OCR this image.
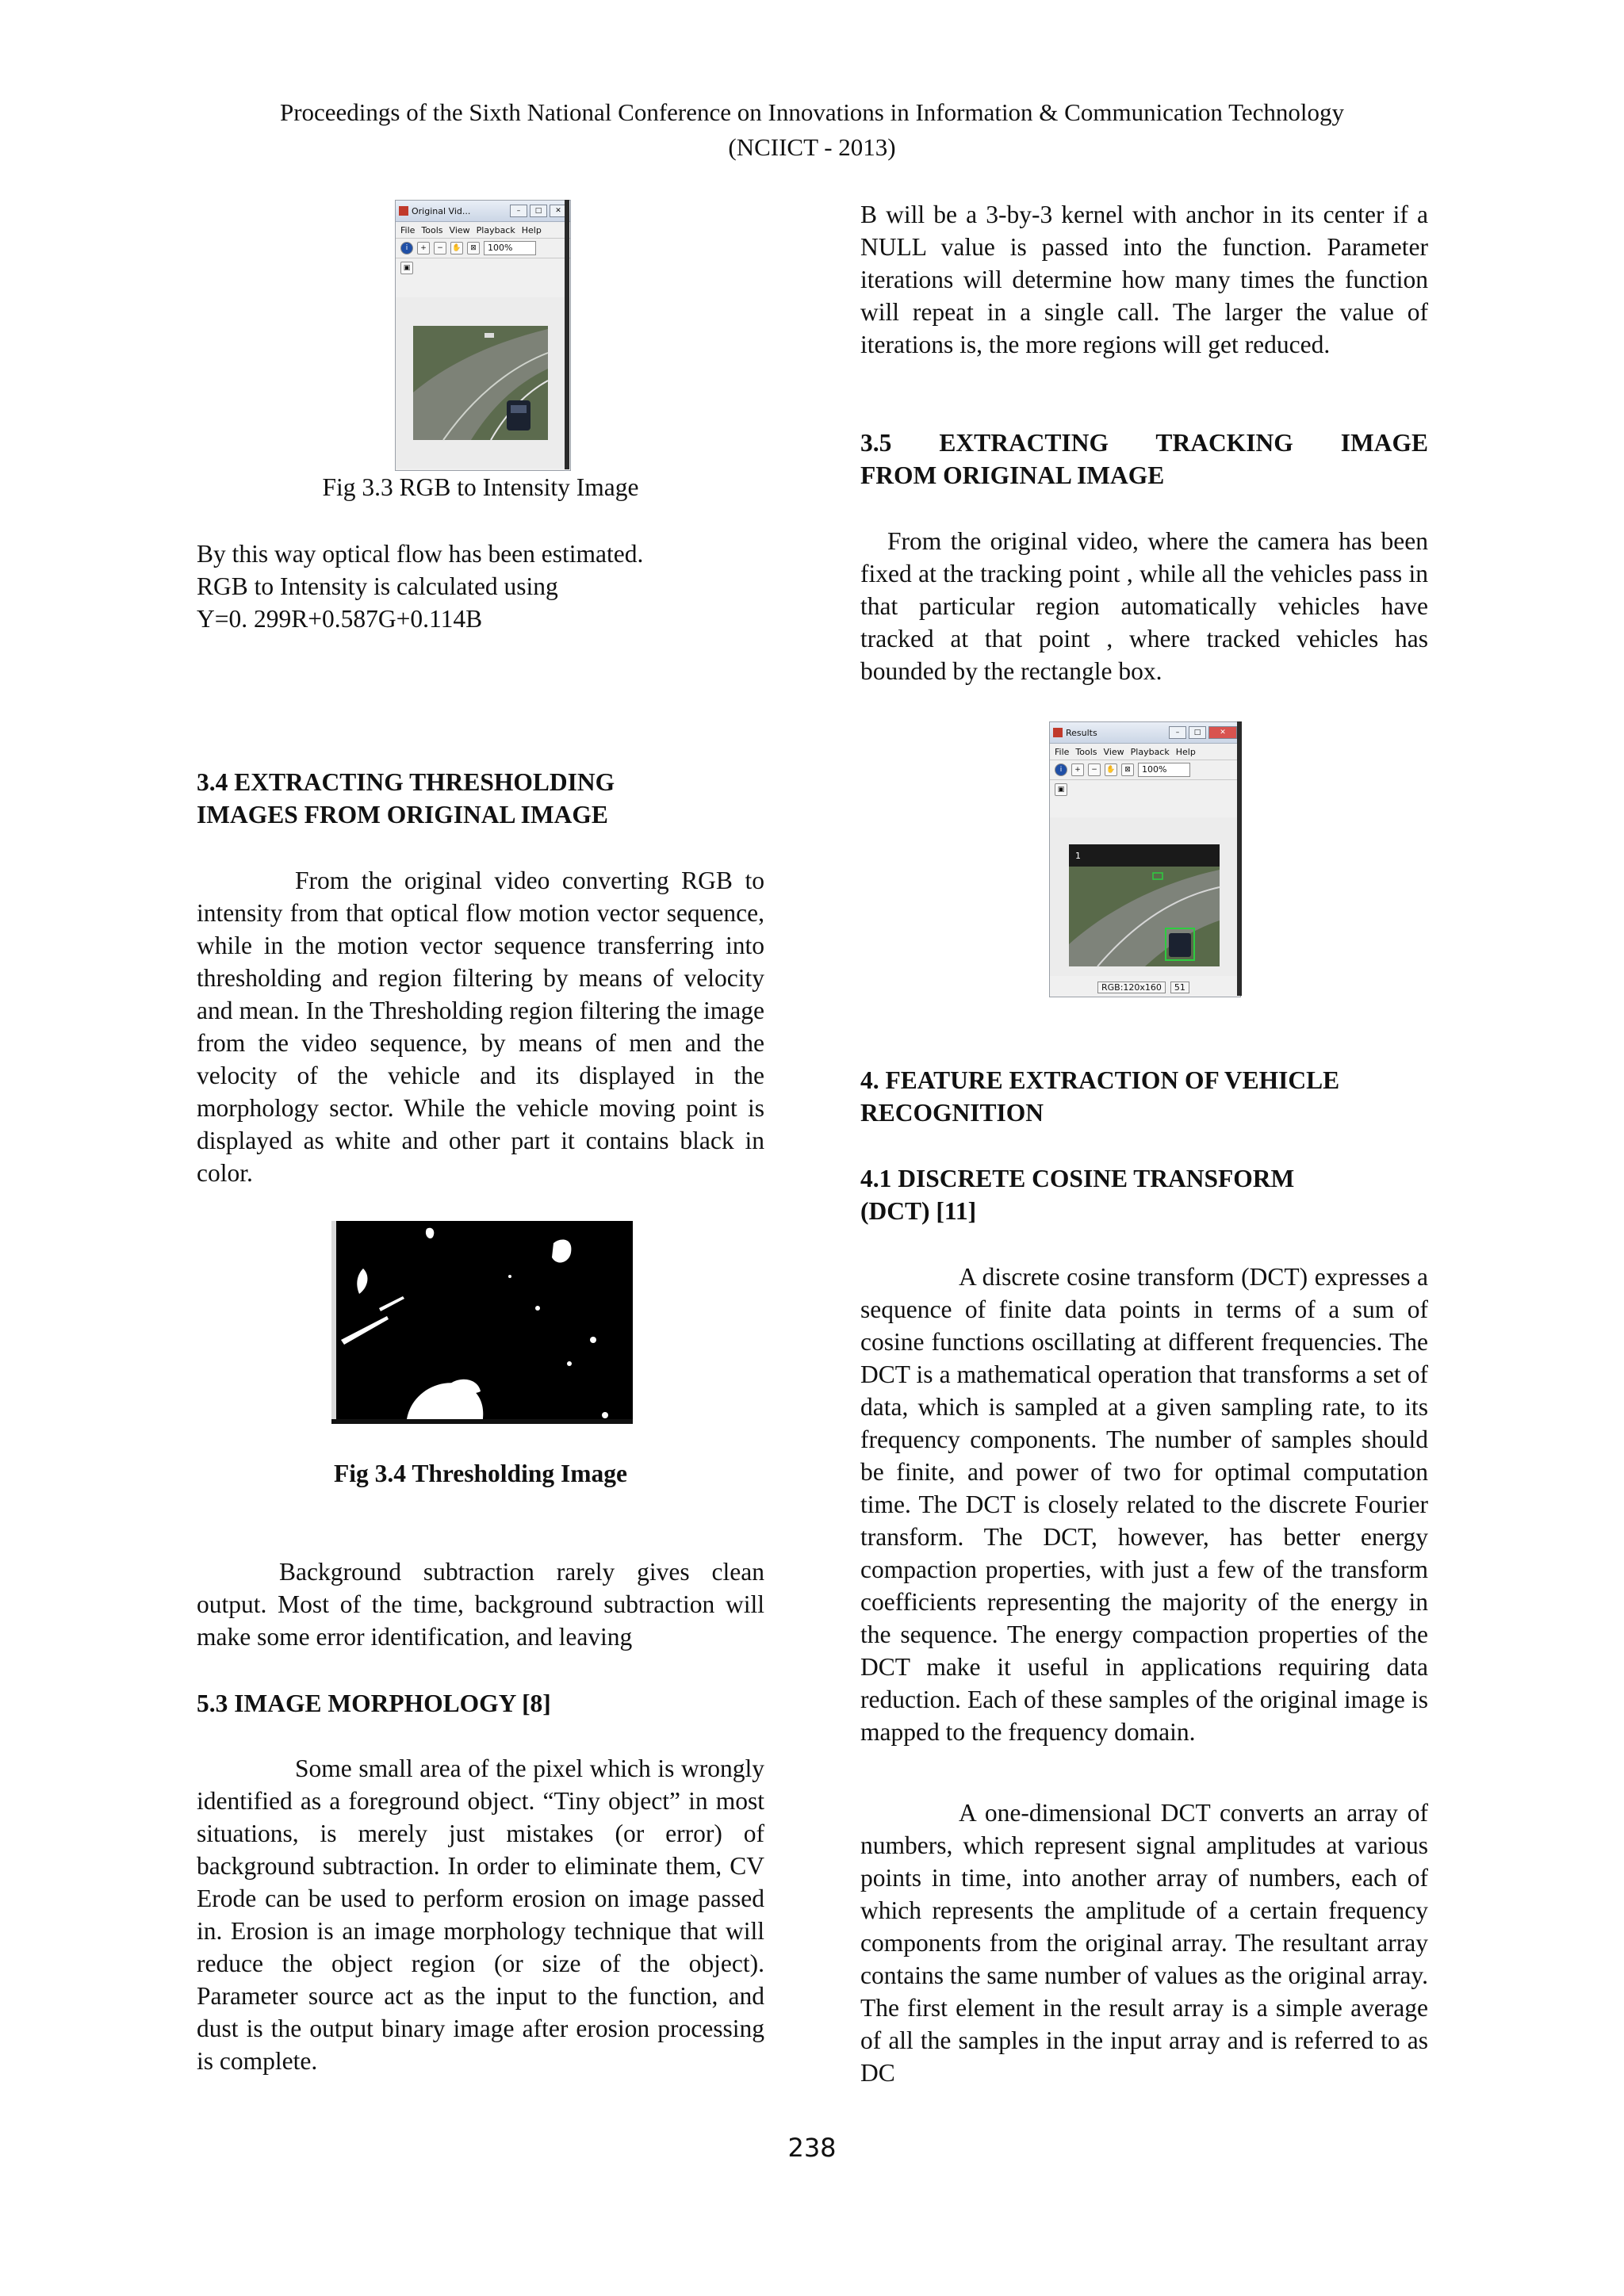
Proceedings of the Sixth National Conference on Innovations in Information & Communication Technology
(NCIICT - 2013)
Original Vid...	–	□	✕
File Tools View Playback Help
i	+	−	✋	⊠	100%
▣
Fig 3.3 RGB to Intensity Image
By this way optical flow has been estimated.
RGB to Intensity is calculated using
Y=0. 299R+0.587G+0.114B
3.4 EXTRACTING THRESHOLDING
IMAGES FROM ORIGINAL IMAGE

From the original video converting RGB to intensity from that optical flow motion vector sequence, while in the motion vector sequence transferring into thresholding and region filtering by means of velocity and mean. In the Thresholding region filtering the image from the video sequence, by means of men and the velocity of the vehicle and its displayed in the morphology sector. While the vehicle moving point is displayed as white and other part it contains black in color.

Fig 3.4 Thresholding Image

Background subtraction rarely gives clean output. Most of the time, background subtraction will make some error identification, and leaving

5.3 IMAGE MORPHOLOGY [8]

Some small area of the pixel which is wrongly identified as a foreground object. “Tiny object” in most situations, is merely just mistakes (or error) of background subtraction. In order to eliminate them, CV Erode can be used to perform erosion on image passed in. Erosion is an image morphology technique that will reduce the object region (or size of the object). Parameter source act as the input to the function, and dust is the output binary image after erosion processing is complete.

B will be a 3-by-3 kernel with anchor in its center if a NULL value is passed into the function. Parameter iterations will determine how many times the function will repeat in a single call. The larger the value of iterations is, the more regions will get reduced.

3.5 EXTRACTING TRACKING IMAGE
FROM ORIGINAL IMAGE

From the original video, where the camera has been fixed at the tracking point , while all the vehicles pass in that particular region automatically vehicles have tracked at that point , where tracked vehicles has bounded by the rectangle box.

Results	–	□	✕
File Tools View Playback Help
i	+	−	✋	⊠	100%
▣
1
RGB:120x160	51
4. FEATURE EXTRACTION OF VEHICLE
RECOGNITION
4.1 DISCRETE COSINE TRANSFORM
(DCT) [11]

A discrete cosine transform (DCT) expresses a sequence of finite data points in terms of a sum of cosine functions oscillating at different frequencies. The DCT is a mathematical operation that transforms a set of data, which is sampled at a given sampling rate, to its frequency components. The number of samples should be finite, and power of two for optimal computation time. The DCT is closely related to the discrete Fourier transform. The DCT, however, has better energy compaction properties, with just a few of the transform coefficients representing the majority of the energy in the sequence. The energy compaction properties of the DCT make it useful in applications requiring data reduction. Each of these samples of the original image is mapped to the frequency domain.

A one-dimensional DCT converts an array of numbers, which represent signal amplitudes at various points in time, into another array of numbers, each of which represents the amplitude of a certain frequency components from the original array. The resultant array contains the same number of values as the original array. The first element in the result array is a simple average of all the samples in the input array and is referred to as DC

238
